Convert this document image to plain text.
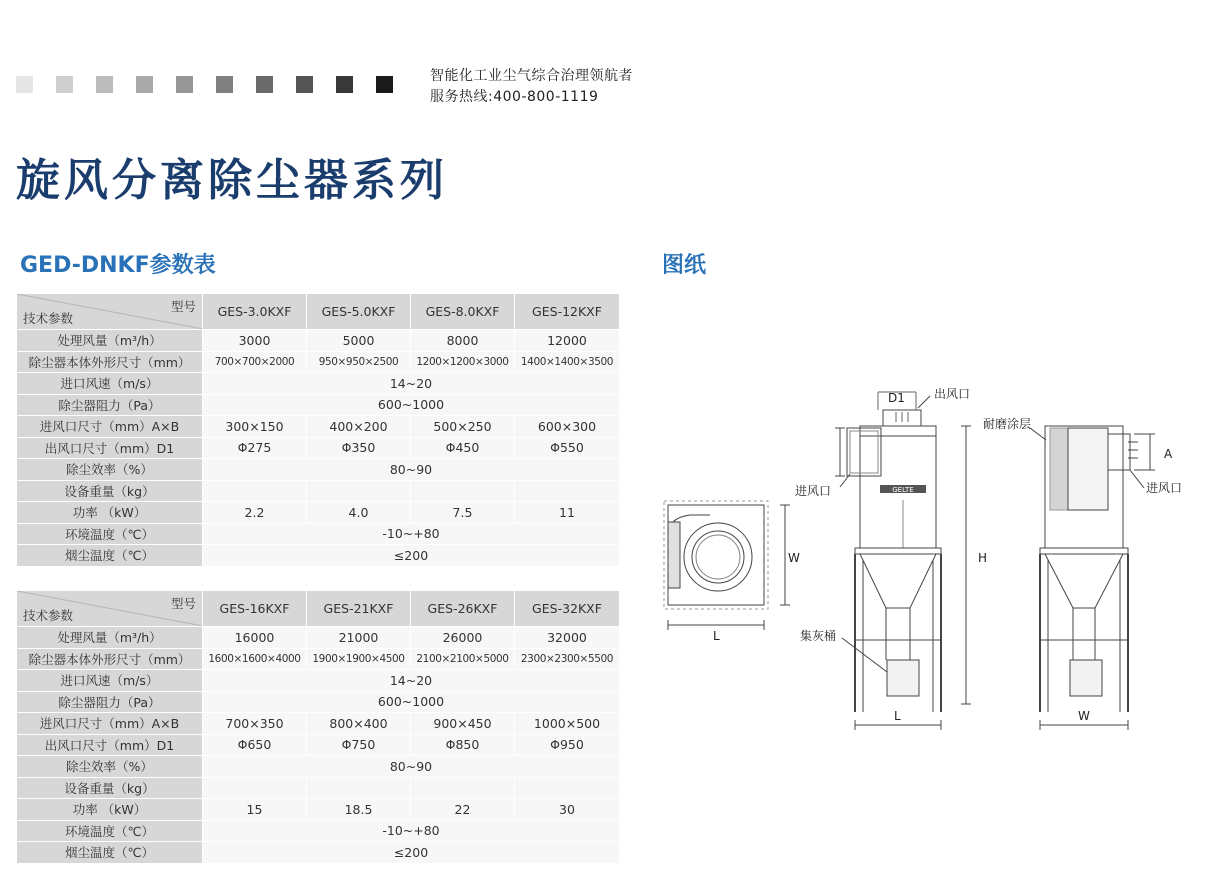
智能化工业尘气综合治理领航者
服务热线:400-800-1119
旋风分离除尘器系列
GED-DNKF参数表	图纸
型号
技术参数	GES-3.0KXF	GES-5.0KXF	GES-8.0KXF	GES-12KXF
处理风量（m³/h）	3000	5000	8000	12000
除尘器本体外形尺寸（mm）	700×700×2000	950×950×2500	1200×1200×3000	1400×1400×3500
进口风速（m/s）	14~20			
除尘器阻力（Pa）	600~1000			
进风口尺寸（mm）A×B	300×150	400×200	500×250	600×300
出风口尺寸（mm）D1	Φ275	Φ350	Φ450	Φ550
除尘效率（%）	80~90			
设备重量（kg）				
功率 （kW）	2.2	4.0	7.5	11
环境温度（℃）	-10~+80			
烟尘温度（℃）	≤200			
型号
技术参数	GES-16KXF	GES-21KXF	GES-26KXF	GES-32KXF
处理风量（m³/h）	16000	21000	26000	32000
除尘器本体外形尺寸（mm）	1600×1600×4000	1900×1900×4500	2100×2100×5000	2300×2300×5500
进口风速（m/s）	14~20			
除尘器阻力（Pa）	600~1000			
进风口尺寸（mm）A×B	700×350	800×400	900×450	1000×500
出风口尺寸（mm）D1	Φ650	Φ750	Φ850	Φ950
除尘效率（%）	80~90			
设备重量（kg）				
功率 （kW）	15	18.5	22	30
环境温度（℃）	-10~+80			
烟尘温度（℃）	≤200			
GELTE
D1 出风口
进风口
耐磨涂层
进风口
集灰桶
W
L
H
A
L	W
